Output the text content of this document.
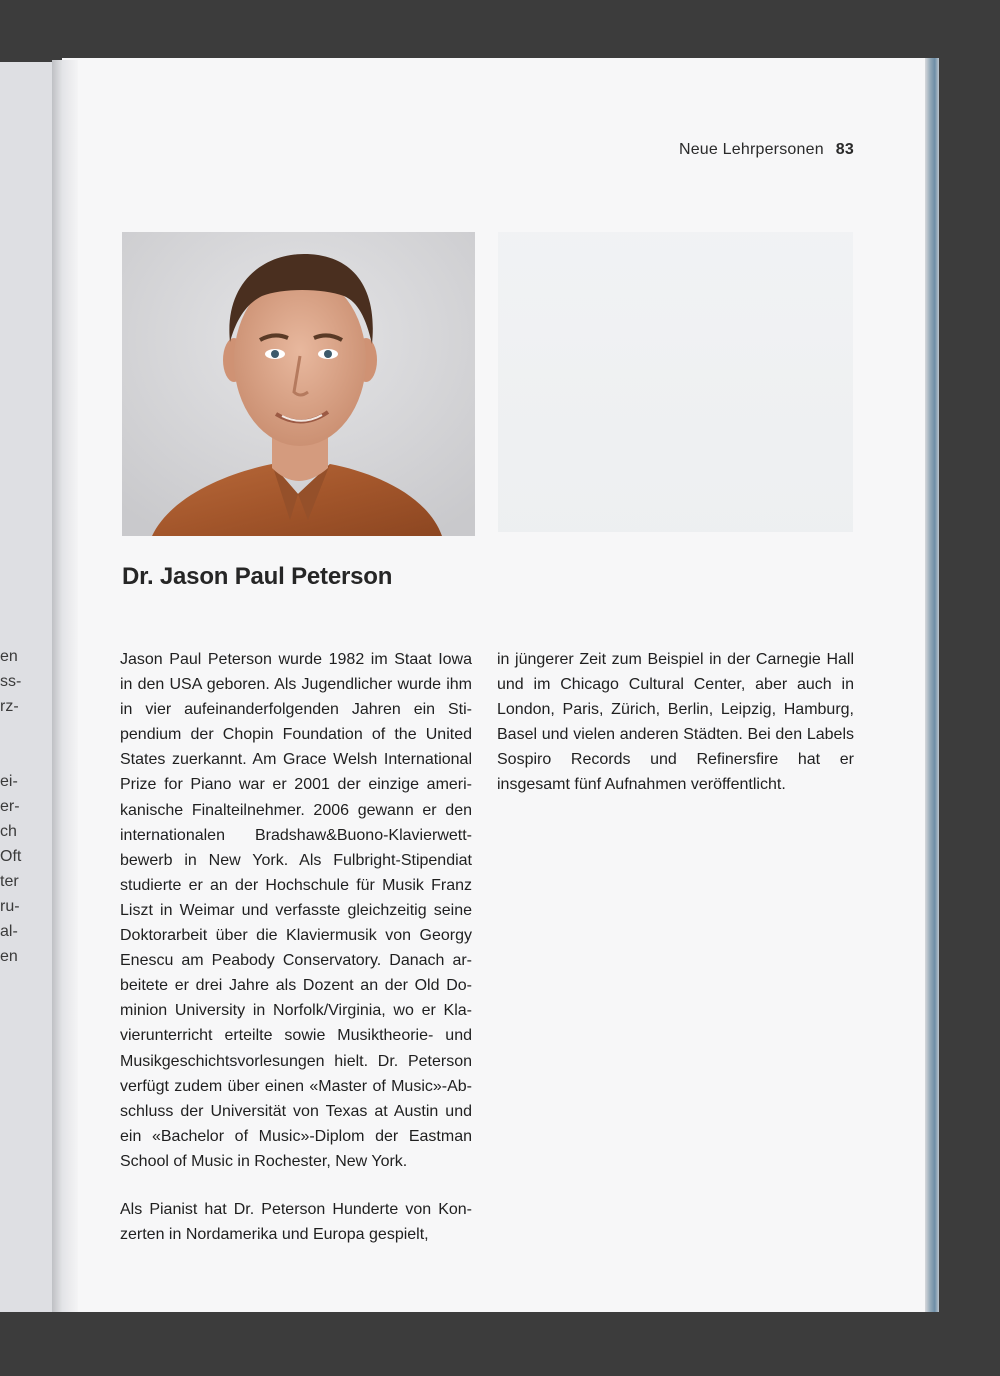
en
ss-
rz-
ei-
er-
ch
Oft
ter
ru-
al-
en
Neue Lehrpersonen 83
Dr. Jason Paul Peterson

Jason Paul Peterson wurde 1982 im Staat Iowa in den USA geboren. Als Jugendlicher wurde ihm in vier aufeinanderfolgenden Jahren ein Stipendium der Chopin Foundation of the United States zuerkannt. Am Grace Welsh International Prize for Piano war er 2001 der einzige amerikanische Finalteilnehmer. 2006 gewann er den internationalen Bradshaw&Buono-Klavierwettbewerb in New York. Als Fulbright-Stipendiat studierte er an der Hochschule für Musik Franz Liszt in Weimar und verfasste gleichzeitig seine Doktorarbeit über die Klaviermusik von Georgy Enescu am Peabody Conservatory. Danach arbeitete er drei Jahre als Dozent an der Old Dominion University in Norfolk/Virginia, wo er Klavierunterricht erteilte sowie Musiktheorie- und Musikgeschichtsvorlesungen hielt. Dr. Peterson verfügt zudem über einen «Master of Music»-Abschluss der Universität von Texas at Austin und ein «Bachelor of Music»-Diplom der Eastman School of Music in Rochester, New York.

Als Pianist hat Dr. Peterson Hunderte von Konzerten in Nordamerika und Europa gespielt,

in jüngerer Zeit zum Beispiel in der Carnegie Hall und im Chicago Cultural Center, aber auch in London, Paris, Zürich, Berlin, Leipzig, Hamburg, Basel und vielen anderen Städten. Bei den Labels Sospiro Records und Refinersfire hat er insgesamt fünf Aufnahmen veröffentlicht.
